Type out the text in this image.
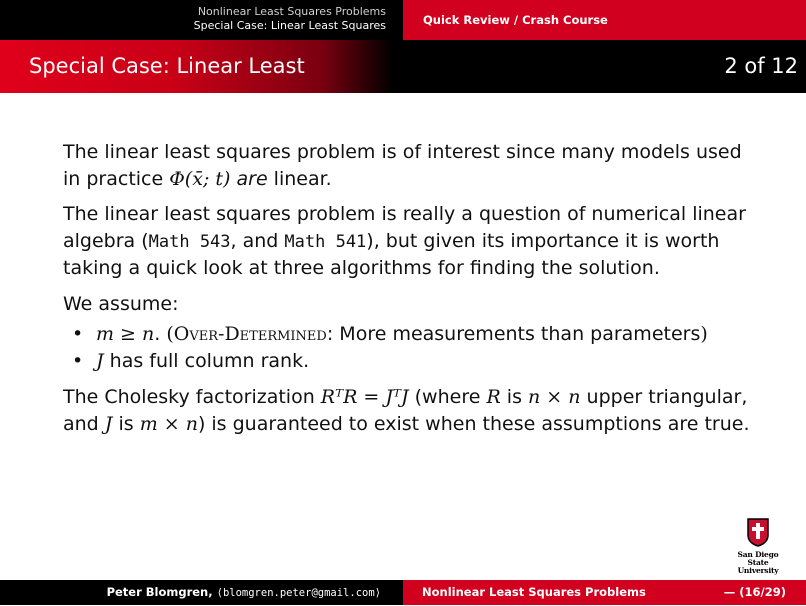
Nonlinear Least Squares Problems
Special Case: Linear Least Squares	Quick Review / Crash Course
Special Case: Linear Least Squares
2 of 12

The linear least squares problem is of interest since many models used in practice Φ(x̄; t) are linear.

The linear least squares problem is really a question of numerical linear algebra (Math 543, and Math 541), but given its importance it is worth taking a quick look at three algorithms for finding the solution.

We assume:

• m ≥ n. (Over-Determined: More measurements than parameters)
• J has full column rank.

The Cholesky factorization RᵀR = JᵀJ (where R is n × n upper triangular, and J is m × n) is guaranteed to exist when these assumptions are true.

San Diego State
University
Peter Blomgren, ⟨blomgren.peter@gmail.com⟩	Nonlinear Least Squares Problems	— (16/29)
